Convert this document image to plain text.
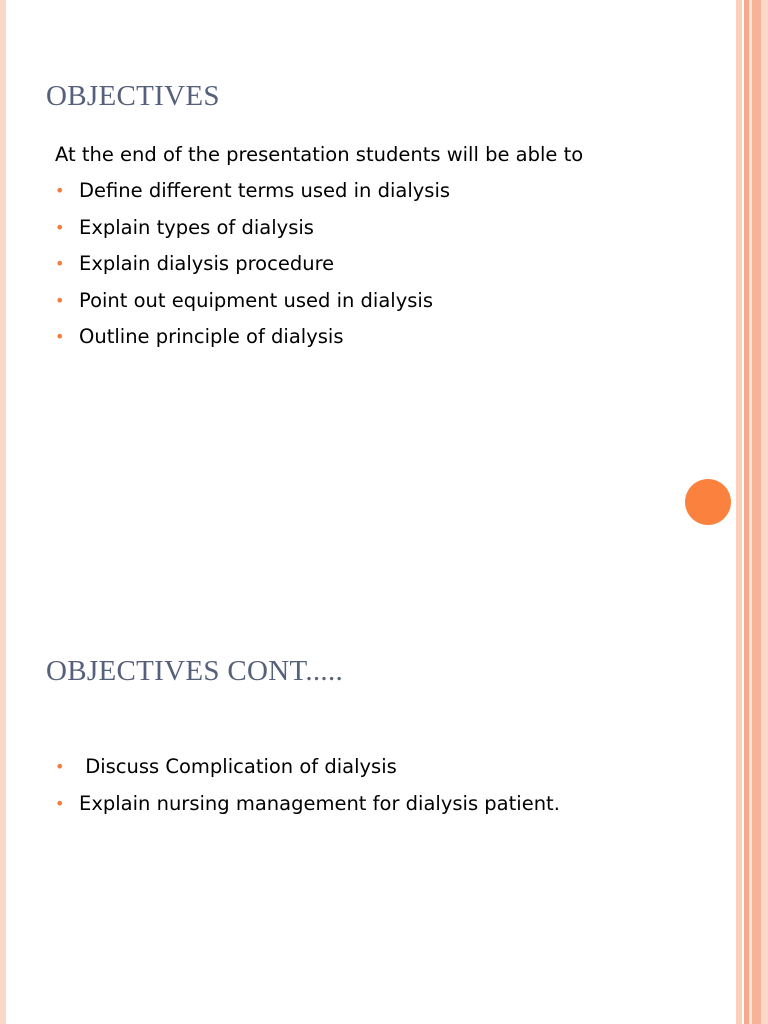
OBJECTIVES
At the end of the presentation students will be able to
• Define different terms used in dialysis
• Explain types of dialysis
• Explain dialysis procedure
• Point out equipment used in dialysis
• Outline principle of dialysis
OBJECTIVES CONT.....
• Discuss Complication of dialysis
• Explain nursing management for dialysis patient.
